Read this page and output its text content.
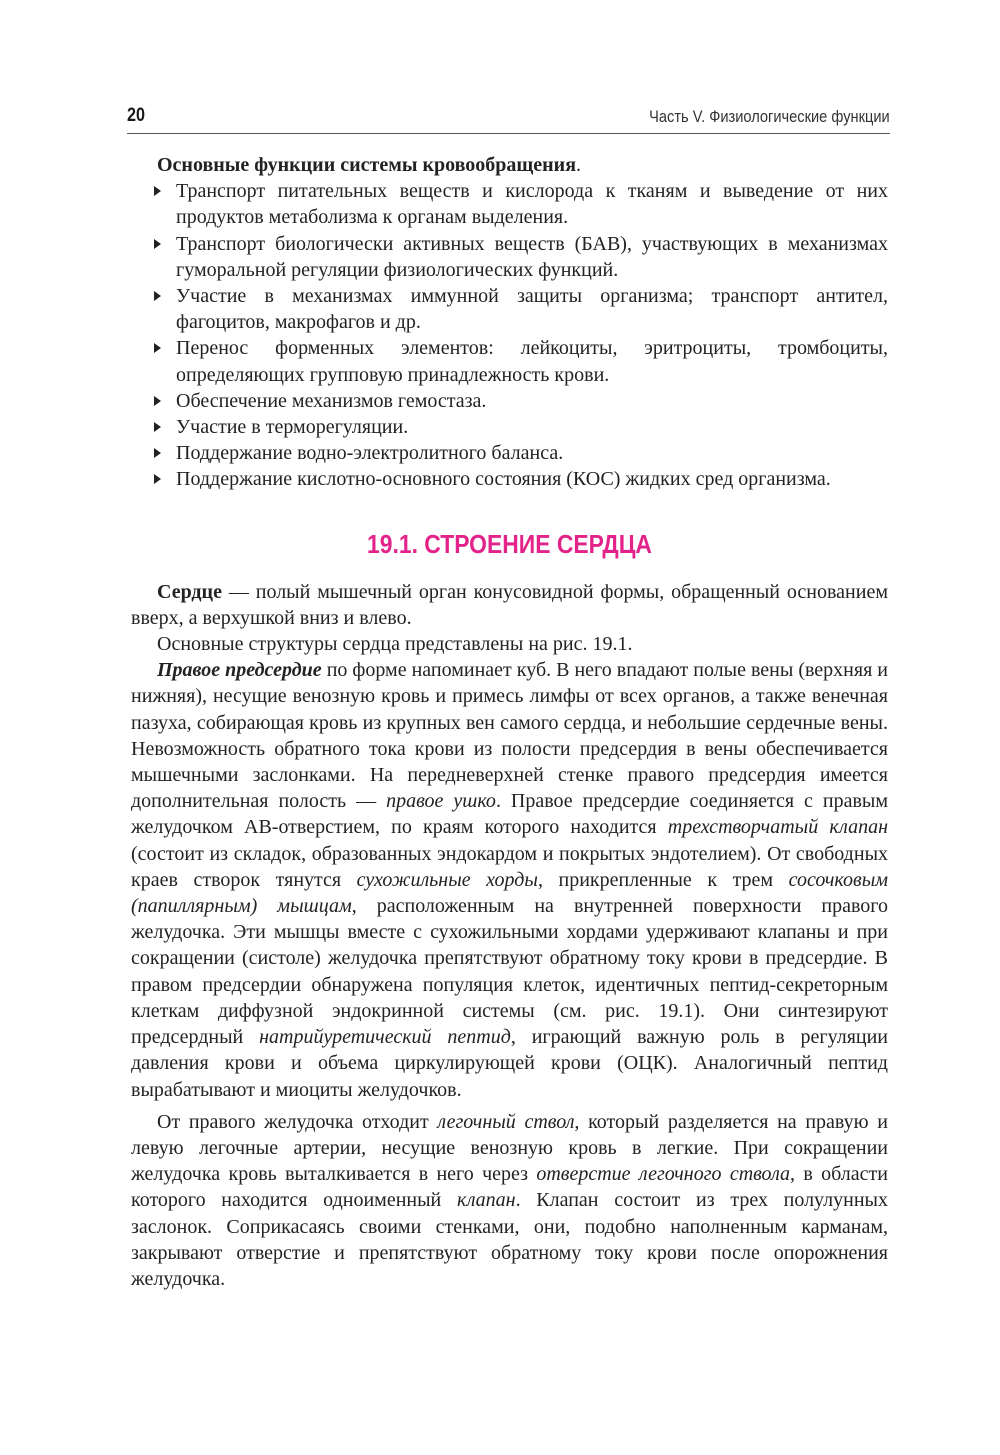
20	Часть V. Физиологические функции

Основные функции системы кровообращения.

Транспорт питательных веществ и кислорода к тканям и выведение от них продуктов метаболизма к органам выделения.
Транспорт биологически активных веществ (БАВ), участвующих в механизмах гуморальной регуляции физиологических функций.
Участие в механизмах иммунной защиты организма; транспорт антител, фагоцитов, макрофагов и др.
Перенос форменных элементов: лейкоциты, эритроциты, тромбоциты, определяющих групповую принадлежность крови.
Обеспечение механизмов гемостаза.
Участие в терморегуляции.
Поддержание водно-электролитного баланса.
Поддержание кислотно-основного состояния (КОС) жидких сред организма.
19.1. СТРОЕНИЕ СЕРДЦА

Сердце — полый мышечный орган конусовидной формы, обращенный основанием вверх, а верхушкой вниз и влево.

Основные структуры сердца представлены на рис. 19.1.

Правое предсердие по форме напоминает куб. В него впадают полые вены (верхняя и нижняя), несущие венозную кровь и примесь лимфы от всех органов, а также венечная пазуха, собирающая кровь из крупных вен самого сердца, и небольшие сердечные вены. Невозможность обратного тока крови из полости предсердия в вены обеспечивается мышечными заслонками. На передневерхней стенке правого предсердия имеется дополнительная полость — правое ушко. Правое предсердие соединяется с правым желудочком АВ-отверстием, по краям которого находится трехстворчатый клапан (состоит из складок, образованных эндокардом и покрытых эндотелием). От свободных краев створок тянутся сухожильные хорды, прикрепленные к трем сосочковым (папиллярным) мышцам, расположенным на внутренней поверхности правого желудочка. Эти мышцы вместе с сухожильными хордами удерживают клапаны и при сокращении (систоле) желудочка препятствуют обратному току крови в предсердие. В правом предсердии обнаружена популяция клеток, идентичных пептид-секреторным клеткам диффузной эндокринной системы (см. рис. 19.1). Они синтезируют предсердный натрийуретический пептид, играющий важную роль в регуляции давления крови и объема циркулирующей крови (ОЦК). Аналогичный пептид вырабатывают и миоциты желудочков.

От правого желудочка отходит легочный ствол, который разделяется на правую и левую легочные артерии, несущие венозную кровь в легкие. При сокращении желудочка кровь выталкивается в него через отверстие легочного ствола, в области которого находится одноименный клапан. Клапан состоит из трех полулунных заслонок. Соприкасаясь своими стенками, они, подобно наполненным карманам, закрывают отверстие и препятствуют обратному току крови после опорожнения желудочка.
